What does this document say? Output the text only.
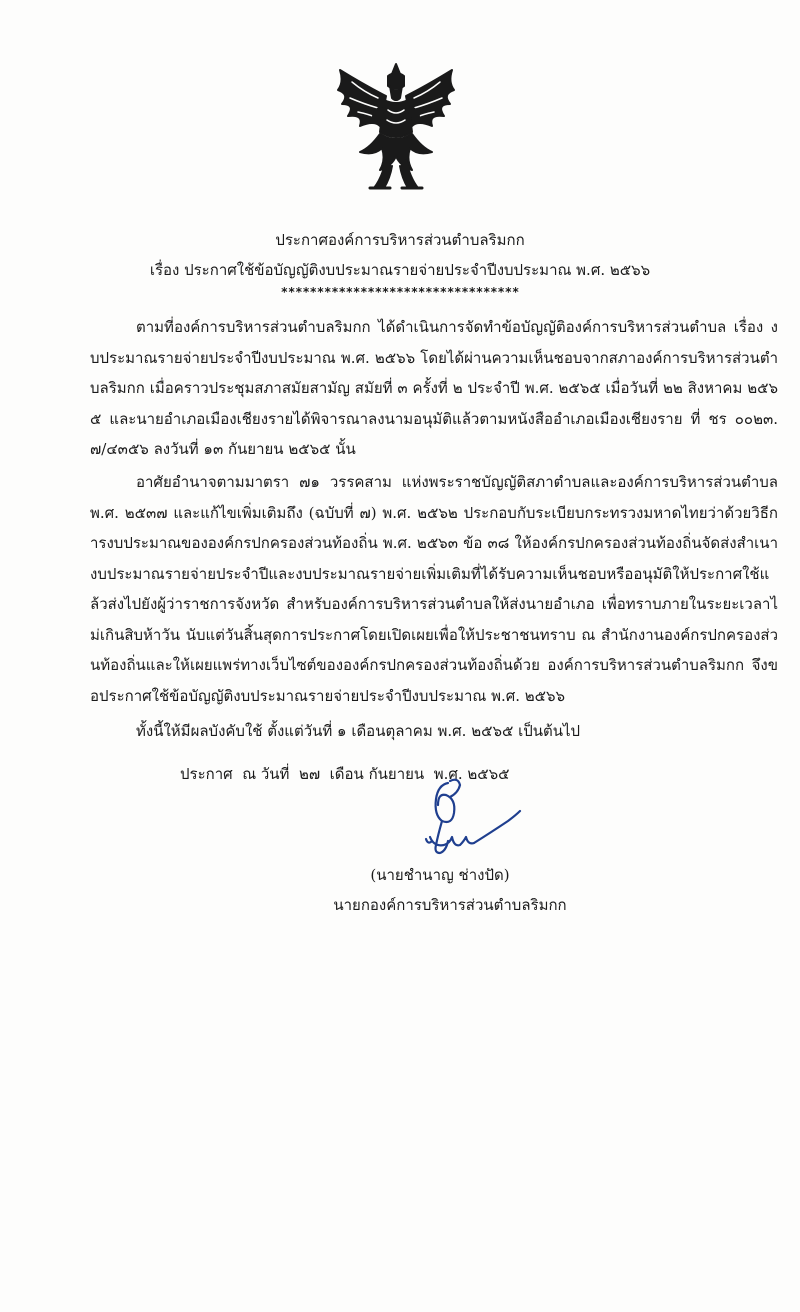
ประกาศองค์การบริหารส่วนตำบลริมกก
เรื่อง ประกาศใช้ข้อบัญญัติงบประมาณรายจ่ายประจำปีงบประมาณ พ.ศ. ๒๕๖๖
*********************************
ตามที่องค์การบริหารส่วนตำบลริมกก ได้ดำเนินการจัดทำข้อบัญญัติองค์การบริหารส่วนตำบล เรื่อง งบประมาณรายจ่ายประจำปีงบประมาณ พ.ศ. ๒๕๖๖ โดยได้ผ่านความเห็นชอบจากสภาองค์การบริหารส่วนตำบลริมกก เมื่อคราวประชุมสภาสมัยสามัญ สมัยที่ ๓ ครั้งที่ ๒ ประจำปี พ.ศ. ๒๕๖๕ เมื่อวันที่ ๒๒ สิงหาคม ๒๕๖๕ และนายอำเภอเมืองเชียงรายได้พิจารณาลงนามอนุมัติแล้วตามหนังสืออำเภอเมืองเชียงราย ที่ ชร ๐๐๒๓.๗/๔๓๕๖ ลงวันที่ ๑๓ กันยายน ๒๕๖๕ นั้น
อาศัยอำนาจตามมาตรา ๗๑ วรรคสาม แห่งพระราชบัญญัติสภาตำบลและองค์การบริหารส่วนตำบล พ.ศ. ๒๕๓๗ และแก้ไขเพิ่มเติมถึง (ฉบับที่ ๗) พ.ศ. ๒๕๖๒ ประกอบกับระเบียบกระทรวงมหาดไทยว่าด้วยวิธีการงบประมาณขององค์กรปกครองส่วนท้องถิ่น พ.ศ. ๒๕๖๓ ข้อ ๓๘ ให้องค์กรปกครองส่วนท้องถิ่นจัดส่งสำเนางบประมาณรายจ่ายประจำปีและงบประมาณรายจ่ายเพิ่มเติมที่ได้รับความเห็นชอบหรืออนุมัติให้ประกาศใช้แล้วส่งไปยังผู้ว่าราชการจังหวัด สำหรับองค์การบริหารส่วนตำบลให้ส่งนายอำเภอ เพื่อทราบภายในระยะเวลาไม่เกินสิบห้าวัน นับแต่วันสิ้นสุดการประกาศโดยเปิดเผยเพื่อให้ประชาชนทราบ ณ สำนักงานองค์กรปกครองส่วนท้องถิ่นและให้เผยแพร่ทางเว็บไซต์ขององค์กรปกครองส่วนท้องถิ่นด้วย องค์การบริหารส่วนตำบลริมกก จึงขอประกาศใช้ข้อบัญญัติงบประมาณรายจ่ายประจำปีงบประมาณ พ.ศ. ๒๕๖๖
ทั้งนี้ให้มีผลบังคับใช้ ตั้งแต่วันที่ ๑ เดือนตุลาคม พ.ศ. ๒๕๖๕ เป็นต้นไป
ประกาศ  ณ วันที่  ๒๗  เดือน กันยายน  พ.ศ. ๒๕๖๕
(นายชำนาญ ช่างปัด)
นายกองค์การบริหารส่วนตำบลริมกก
